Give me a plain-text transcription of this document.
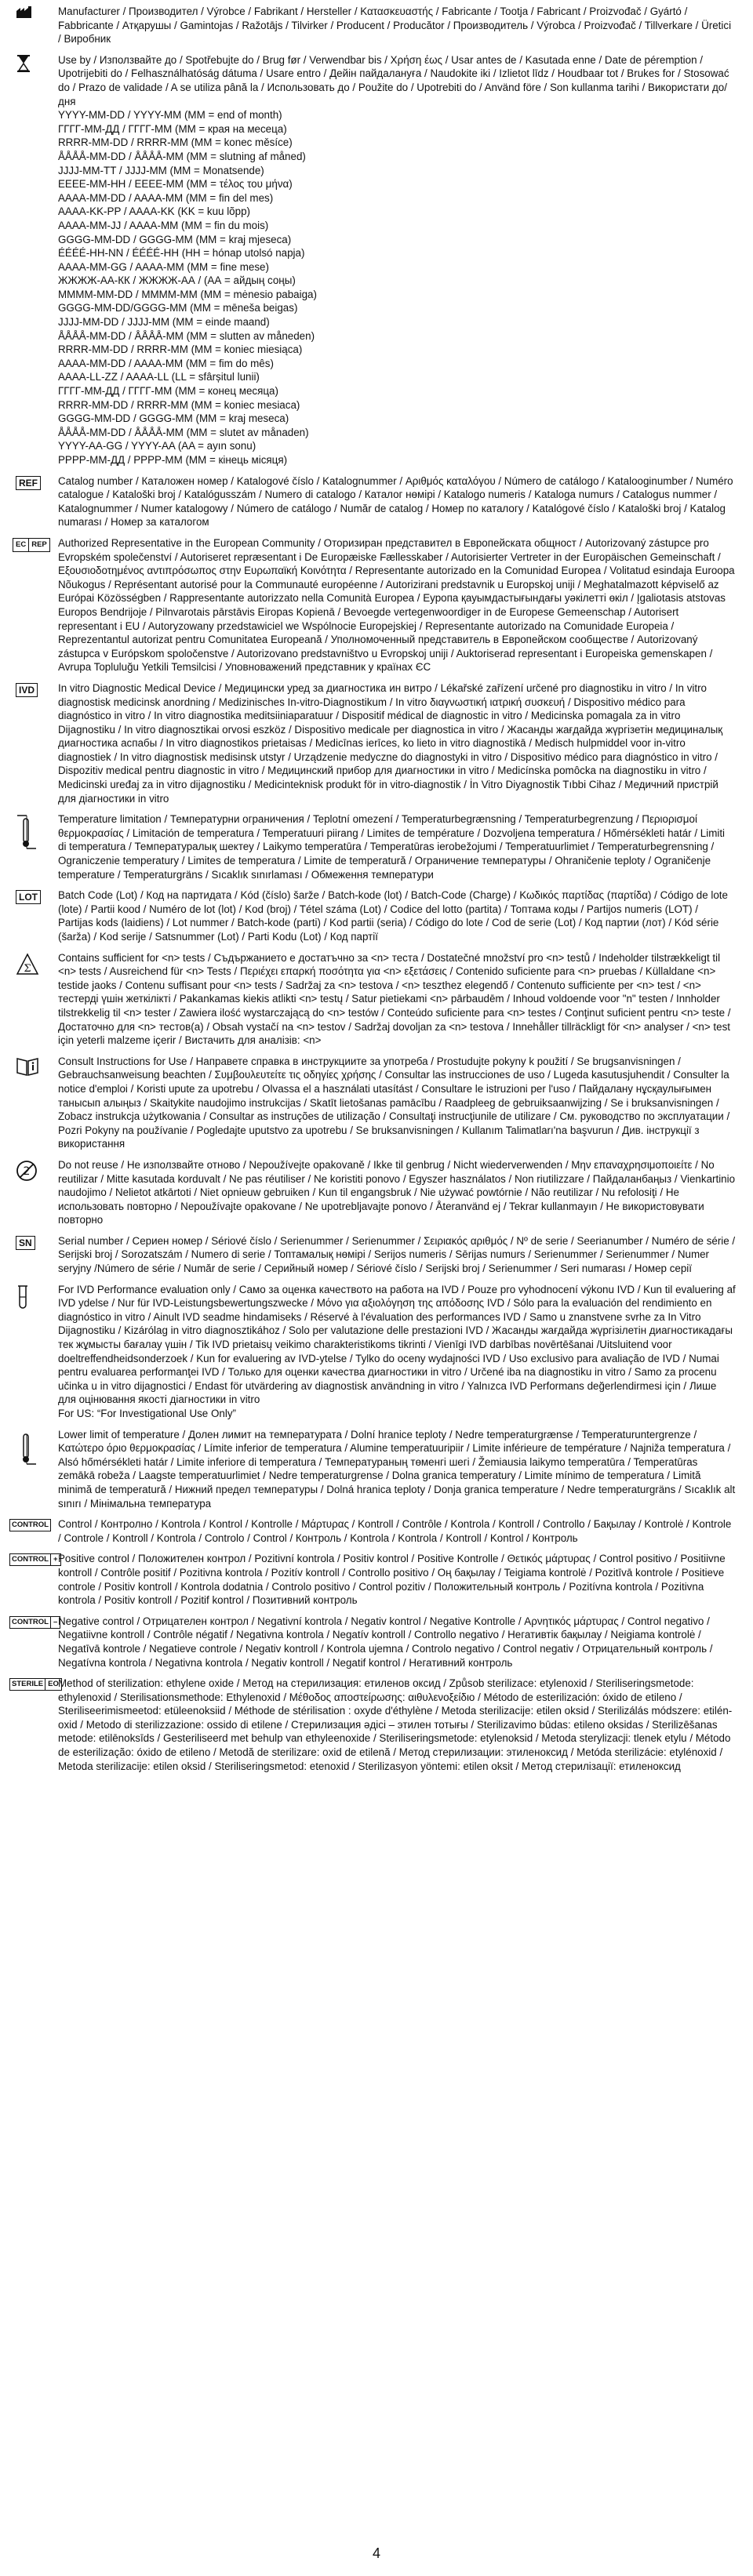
Manufacturer / Производител / Výrobce / Fabrikant / Hersteller / Κατασκευαστής / Fabricante / Tootja / Fabricant / Proizvođač / Gyártó / Fabbricante / Атқарушы / Gamintojas / Ražotājs / Tilvirker / Producent / Producător / Производитель / Výrobca / Proizvođač / Tillverkare / Üretici / Виробник

Use by / Използвайте до / Spotřebujte do / Brug før / Verwendbar bis / Χρήση έως / Usar antes de / Kasutada enne / Date de péremption / Upotrijebiti do / Felhasználhatóság dátuma / Usare entro / Дейін пайдалануға / Naudokite iki / Izlietot līdz / Houdbaar tot / Brukes for / Stosować do / Prazo de validade / A se utiliza până la / Использовать до / Použite do / Upotrebiti do / Använd före / Son kullanma tarihi / Використати до/дня

YYYY-MM-DD / YYYY-MM (MM = end of month)

ГГГГ-ММ-ДД / ГГГГ-ММ (ММ = края на месеца)

RRRR-MM-DD / RRRR-MM (MM = konec měsíce)

ÅÅÅÅ-MM-DD / ÅÅÅÅ-MM (MM = slutning af måned)

JJJJ-MM-TT / JJJJ-MM (MM = Monatsende)

EEEE-MM-HH / EEEE-MM (MM = τέλος του μήνα)

AAAA-MM-DD / AAAA-MM (MM = fin del mes)

AAAA-KK-PP / AAAA-KK (KK = kuu lõpp)

AAAA-MM-JJ / AAAA-MM (MM = fin du mois)

GGGG-MM-DD / GGGG-MM (MM = kraj mjeseca)

ÉÉÉÉ-HH-NN / ÉÉÉÉ-HH (HH = hónap utolsó napja)

AAAA-MM-GG / AAAA-MM (MM = fine mese)

ЖЖЖЖ-АА-КК / ЖЖЖЖ-АА / (АА = айдың соңы)

MMMM-MM-DD / MMMM-MM (MM = mėnesio pabaiga)

GGGG-MM-DD/GGGG-MM (MM = mēneša beigas)

JJJJ-MM-DD / JJJJ-MM (MM = einde maand)

ÅÅÅÅ-MM-DD / ÅÅÅÅ-MM (MM = slutten av måneden)

RRRR-MM-DD / RRRR-MM (MM = koniec miesiąca)

AAAA-MM-DD / AAAA-MM (MM = fim do mês)

AAAA-LL-ZZ / AAAA-LL (LL = sfârșitul lunii)

ГГГГ-ММ-ДД / ГГГГ-ММ (ММ = конец месяца)

RRRR-MM-DD / RRRR-MM (MM = koniec mesiaca)

GGGG-MM-DD / GGGG-MM (MM = kraj meseca)

ÅÅÅÅ-MM-DD / ÅÅÅÅ-MM (MM = slutet av månaden)

YYYY-AA-GG / YYYY-AA (AA = ayın sonu)

РРРР-ММ-ДД / РРРР-ММ (ММ = кінець місяця)

REF Catalog number / Каталожен номер / Katalogové číslo / Katalognummer / Αριθμός καταλόγου / Número de catálogo / Katalooginumber / Numéro catalogue / Kataloški broj / Katalógusszám / Numero di catalogo / Каталог нөмірі / Katalogo numeris / Kataloga numurs / Catalogus nummer / Katalognummer / Numer katalogowy / Número de catálogo / Număr de catalog / Номер по каталогу / Katalógové číslo / Kataloški broj / Katalog numarası / Номер за каталогом

EC REP Authorized Representative in the European Community / Оторизиран представител в Европейската общност / Autorizovaný zástupce pro Evropském společenství / Autoriseret repræsentant i De Europæiske Fællesskaber / Autorisierter Vertreter in der Europäischen Gemeinschaft / Εξουσιοδοτημένος αντιπρόσωπος στην Ευρωπαϊκή Κοινότητα / Representante autorizado en la Comunidad Europea / Volitatud esindaja Euroopa Nõukogus / Représentant autorisé pour la Communauté européenne / Autorizirani predstavnik u Europskoj uniji / Meghatalmazott képviselő az Európai Közösségben / Rappresentante autorizzato nella Comunità Europea / Еуропа қауымдастығындағы уәкілетті өкіл / Įgaliotasis atstovas Europos Bendrijoje / Pilnvarotais pārstāvis Eiropas Kopienā / Bevoegde vertegenwoordiger in de Europese Gemeenschap / Autorisert representant i EU / Autoryzowany przedstawiciel we Wspólnocie Europejskiej / Representante autorizado na Comunidade Europeia / Reprezentantul autorizat pentru Comunitatea Europeană / Уполномоченный представитель в Европейском сообществе / Autorizovaný zástupca v Európskom spoločenstve / Autorizovano predstavništvo u Evropskoj uniji / Auktoriserad representant i Europeiska gemenskapen / Avrupa Topluluğu Yetkili Temsilcisi / Уповноважений представник у країнах ЄС

IVD In vitro Diagnostic Medical Device / Медицински уред за диагностика ин витро / Lékařské zařízení určené pro diagnostiku in vitro / In vitro diagnostisk medicinsk anordning / Medizinisches In-vitro-Diagnostikum / In vitro διαγνωστική ιατρική συσκευή / Dispositivo médico para diagnóstico in vitro / In vitro diagnostika meditsiiniaparatuur / Dispositif médical de diagnostic in vitro / Medicinska pomagala za in vitro Dijagnostiku / In vitro diagnosztikai orvosi eszköz / Dispositivo medicale per diagnostica in vitro / Жасанды жағдайда жүргізетін медициналық диагностика аспабы / In vitro diagnostikos prietaisas / Medicīnas ierīces, ko lieto in vitro diagnostikā / Medisch hulpmiddel voor in-vitro diagnostiek / In vitro diagnostisk medisinsk utstyr / Urządzenie medyczne do diagnostyki in vitro / Dispositivo médico para diagnóstico in vitro / Dispozitiv medical pentru diagnostic in vitro / Медицинский прибор для диагностики in vitro / Medicínska pomôcka na diagnostiku in vitro / Medicinski uređaj za in vitro dijagnostiku / Medicinteknisk produkt för in vitro-diagnostik / İn Vitro Diyagnostik Tıbbi Cihaz / Медичний пристрій для діагностики in vitro

Temperature limitation / Температурни ограничения / Teplotní omezení / Temperaturbegrænsning / Temperaturbegrenzung / Περιορισμοί θερμοκρασίας / Limitación de temperatura / Temperatuuri piirang / Limites de température / Dozvoljena temperatura / Hőmérsékleti határ / Limiti di temperatura / Температуралық шектеу / Laikymo temperatūra / Temperatūras ierobežojumi / Temperatuurlimiet / Temperaturbegrensning / Ograniczenie temperatury / Limites de temperatura / Limite de temperatură / Ограничение температуры / Ohraničenie teploty / Ograničenje temperature / Temperaturgräns / Sıcaklık sınırlaması / Обмеження температури

LOT Batch Code (Lot) / Код на партидата / Kód (číslo) šarže / Batch-kode (lot) / Batch-Code (Charge) / Κωδικός παρτίδας (παρτίδα) / Código de lote (lote) / Partii kood / Numéro de lot (lot) / Kod (broj) / Tétel száma (Lot) / Codice del lotto (partita) / Топтама коды / Partijos numeris (LOT) / Partijas kods (laidiens) / Lot nummer / Batch-kode (parti) / Kod partii (seria) / Código do lote / Cod de serie (Lot) / Код партии (лот) / Kód série (šarža) / Kod serije / Satsnummer (Lot) / Parti Kodu (Lot) / Код партії

Σ

Contains sufficient for <n> tests / Съдържанието е достатъчно за <n> теста / Dostatečné množství pro <n> testů / Indeholder tilstrækkeligt til <n> tests / Ausreichend für <n> Tests / Περιέχει επαρκή ποσότητα για <n> εξετάσεις / Contenido suficiente para <n> pruebas / Küllaldane <n> testide jaoks / Contenu suffisant pour <n> tests / Sadržaj za <n> testova / <n> teszthez elegendő / Contenuto sufficiente per <n> test / <n> тестерді үшін жеткілікті / Pakankamas kiekis atlikti <n> testų / Satur pietiekami <n> pārbaudēm / Inhoud voldoende voor "n" testen / Innholder tilstrekkelig til <n> tester / Zawiera ilość wystarczającą do <n> testów / Conteúdo suficiente para <n> testes / Conţinut suficient pentru <n> teste / Достаточно для <n> тестов(а) / Obsah vystačí na <n> testov / Sadržaj dovoljan za <n> testova / Innehåller tillräckligt för <n> analyser / <n> test için yeterli malzeme içerir / Вистачить для аналізів: <n>

Consult Instructions for Use / Направете справка в инструкциите за употреба / Prostudujte pokyny k použití / Se brugsanvisningen / Gebrauchsanweisung beachten / Συμβουλευτείτε τις οδηγίες χρήσης / Consultar las instrucciones de uso / Lugeda kasutusjuhendit / Consulter la notice d'emploi / Koristi upute za upotrebu / Olvassa el a használati utasítást / Consultare le istruzioni per l'uso / Пайдалану нұсқаулығымен танысып алыңыз / Skaitykite naudojimo instrukcijas / Skatīt lietošanas pamācību / Raadpleeg de gebruiksaanwijzing / Se i bruksanvisningen / Zobacz instrukcja użytkowania / Consultar as instruções de utilização / Consultaţi instrucţiunile de utilizare / См. руководство по эксплуатации / Pozri Pokyny na používanie / Pogledajte uputstvo za upotrebu / Se bruksanvisningen / Kullanım Talimatları'na başvurun / Див. інструкції з використання

2

Do not reuse / Не използвайте отново / Nepoužívejte opakovaně / Ikke til genbrug / Nicht wiederverwenden / Μην επαναχρησιμοποιείτε / No reutilizar / Mitte kasutada korduvalt / Ne pas réutiliser / Ne koristiti ponovo / Egyszer használatos / Non riutilizzare / Пайдаланбаңыз / Vienkartinio naudojimo / Nelietot atkārtoti / Niet opnieuw gebruiken / Kun til engangsbruk / Nie używać powtórnie / Não reutilizar / Nu refolosiţi / Не использовать повторно / Nepoužívajte opakovane / Ne upotrebljavajte ponovo / Återanvänd ej / Tekrar kullanmayın / Не використовувати повторно

SN Serial number / Сериен номер / Sériové číslo / Serienummer / Serienummer / Σειριακός αριθμός / Nº de serie / Seerianumber / Numéro de série / Serijski broj / Sorozatszám / Numero di serie / Топтамалық нөмірі / Serijos numeris / Sērijas numurs / Serienummer / Serienummer / Numer seryjny /Número de série / Număr de serie / Серийный номер / Sériové číslo / Serijski broj / Serienummer / Seri numarası / Номер серії

For IVD Performance evaluation only / Само за оценка качеството на работа на IVD / Pouze pro vyhodnocení výkonu IVD / Kun til evaluering af IVD ydelse / Nur für IVD-Leistungsbewertungszwecke / Μόνο για αξιολόγηση της απόδοσης IVD / Sólo para la evaluación del rendimiento en diagnóstico in vitro / Ainult IVD seadme hindamiseks / Réservé à l'évaluation des performances IVD / Samo u znanstvene svrhe za In Vitro Dijagnostiku / Kizárólag in vitro diagnosztikához / Solo per valutazione delle prestazioni IVD / Жасанды жағдайда жүргізілетін диагностикадағы тек жұмысты бағалау үшін / Tik IVD prietaisų veikimo charakteristikoms tikrinti / Vienīgi IVD darbības novērtēšanai /Uitsluitend voor doeltreffendheidsonderzoek / Kun for evaluering av IVD-ytelse / Tylko do oceny wydajności IVD / Uso exclusivo para avaliação de IVD / Numai pentru evaluarea performanţei IVD / Только для оценки качества диагностики in vitro / Určené iba na diagnostiku in vitro / Samo za procenu učinka u in vitro dijagnostici / Endast för utvärdering av diagnostisk användning in vitro / Yalnızca IVD Performans değerlendirmesi için / Лише для оцінювання якості діагностики in vitro

For US: “For Investigational Use Only”

Lower limit of temperature / Долен лимит на температурата / Dolní hranice teploty / Nedre temperaturgrænse / Temperaturuntergrenze / Κατώτερο όριο θερμοκρασίας / Límite inferior de temperatura / Alumine temperatuuripiir / Limite inférieure de température / Najniža temperatura / Alsó hőmérsékleti határ / Limite inferiore di temperatura / Температураның төменгі шегі / Žemiausia laikymo temperatūra / Temperatūras zemākā robeža / Laagste temperatuurlimiet / Nedre temperaturgrense / Dolna granica temperatury / Limite mínimo de temperatura / Limită minimă de temperatură / Нижний предел температуры / Dolná hranica teploty / Donja granica temperature / Nedre temperaturgräns / Sıcaklık alt sınırı / Мінімальна температура

CONTROL Control / Контролно / Kontrola / Kontrol / Kontrolle / Μάρτυρας / Kontroll / Contrôle / Kontrola / Kontroll / Controllo / Бақылау / Kontrolė / Kontrole / Controle / Kontroll / Kontrola / Controlo / Control / Контроль / Kontrola / Kontrola / Kontroll / Kontrol / Контроль

CONTROL + Positive control / Положителен контрол / Pozitivní kontrola / Positiv kontrol / Positive Kontrolle / Θετικός μάρτυρας / Control positivo / Positiivne kontroll / Contrôle positif / Pozitivna kontrola / Pozitív kontroll / Controllo positivo / Оң бақылау / Teigiama kontrolė / Pozitīvā kontrole / Positieve controle / Positiv kontroll / Kontrola dodatnia / Controlo positivo / Control pozitiv / Положительный контроль / Pozitívna kontrola / Pozitivna kontrola / Positiv kontroll / Pozitif kontrol / Позитивний контроль

CONTROL – Negative control / Отрицателен контрол / Negativní kontrola / Negativ kontrol / Negative Kontrolle / Αρνητικός μάρτυρας / Control negativo / Negatiivne kontroll / Contrôle négatif / Negativna kontrola / Negatív kontroll / Controllo negativo / Негативтік бақылау / Neigiama kontrolė / Negatīvā kontrole / Negatieve controle / Negativ kontroll / Kontrola ujemna / Controlo negativo / Control negativ / Отрицательный контроль / Negatívna kontrola / Negativna kontrola / Negativ kontroll / Negatif kontrol / Негативний контроль

STERILE EO Method of sterilization: ethylene oxide / Метод на стерилизация: етиленов оксид / Způsob sterilizace: etylenoxid / Steriliseringsmetode: ethylenoxid / Sterilisationsmethode: Ethylenoxid / Μέθοδος αποστείρωσης: αιθυλενοξείδιο / Método de esterilización: óxido de etileno / Steriliseerimismeetod: etüleenoksiid / Méthode de stérilisation : oxyde d'éthylène / Metoda sterilizacije: etilen oksid / Sterilizálás módszere: etilén-oxid / Metodo di sterilizzazione: ossido di etilene / Стерилизация әдісі – этилен тотығы / Sterilizavimo būdas: etileno oksidas / Sterilizēšanas metode: etilēnoksīds / Gesteriliseerd met behulp van ethyleenoxide / Steriliseringsmetode: etylenoksid / Metoda sterylizacji: tlenek etylu / Método de esterilização: óxido de etileno / Metodă de sterilizare: oxid de etilenă / Метод стерилизации: этиленоксид / Metóda sterilizácie: etylénoxid / Metoda sterilizacije: etilen oksid / Steriliseringsmetod: etenoxid / Sterilizasyon yöntemi: etilen oksit / Метод стерилізації: етиленоксид

4
